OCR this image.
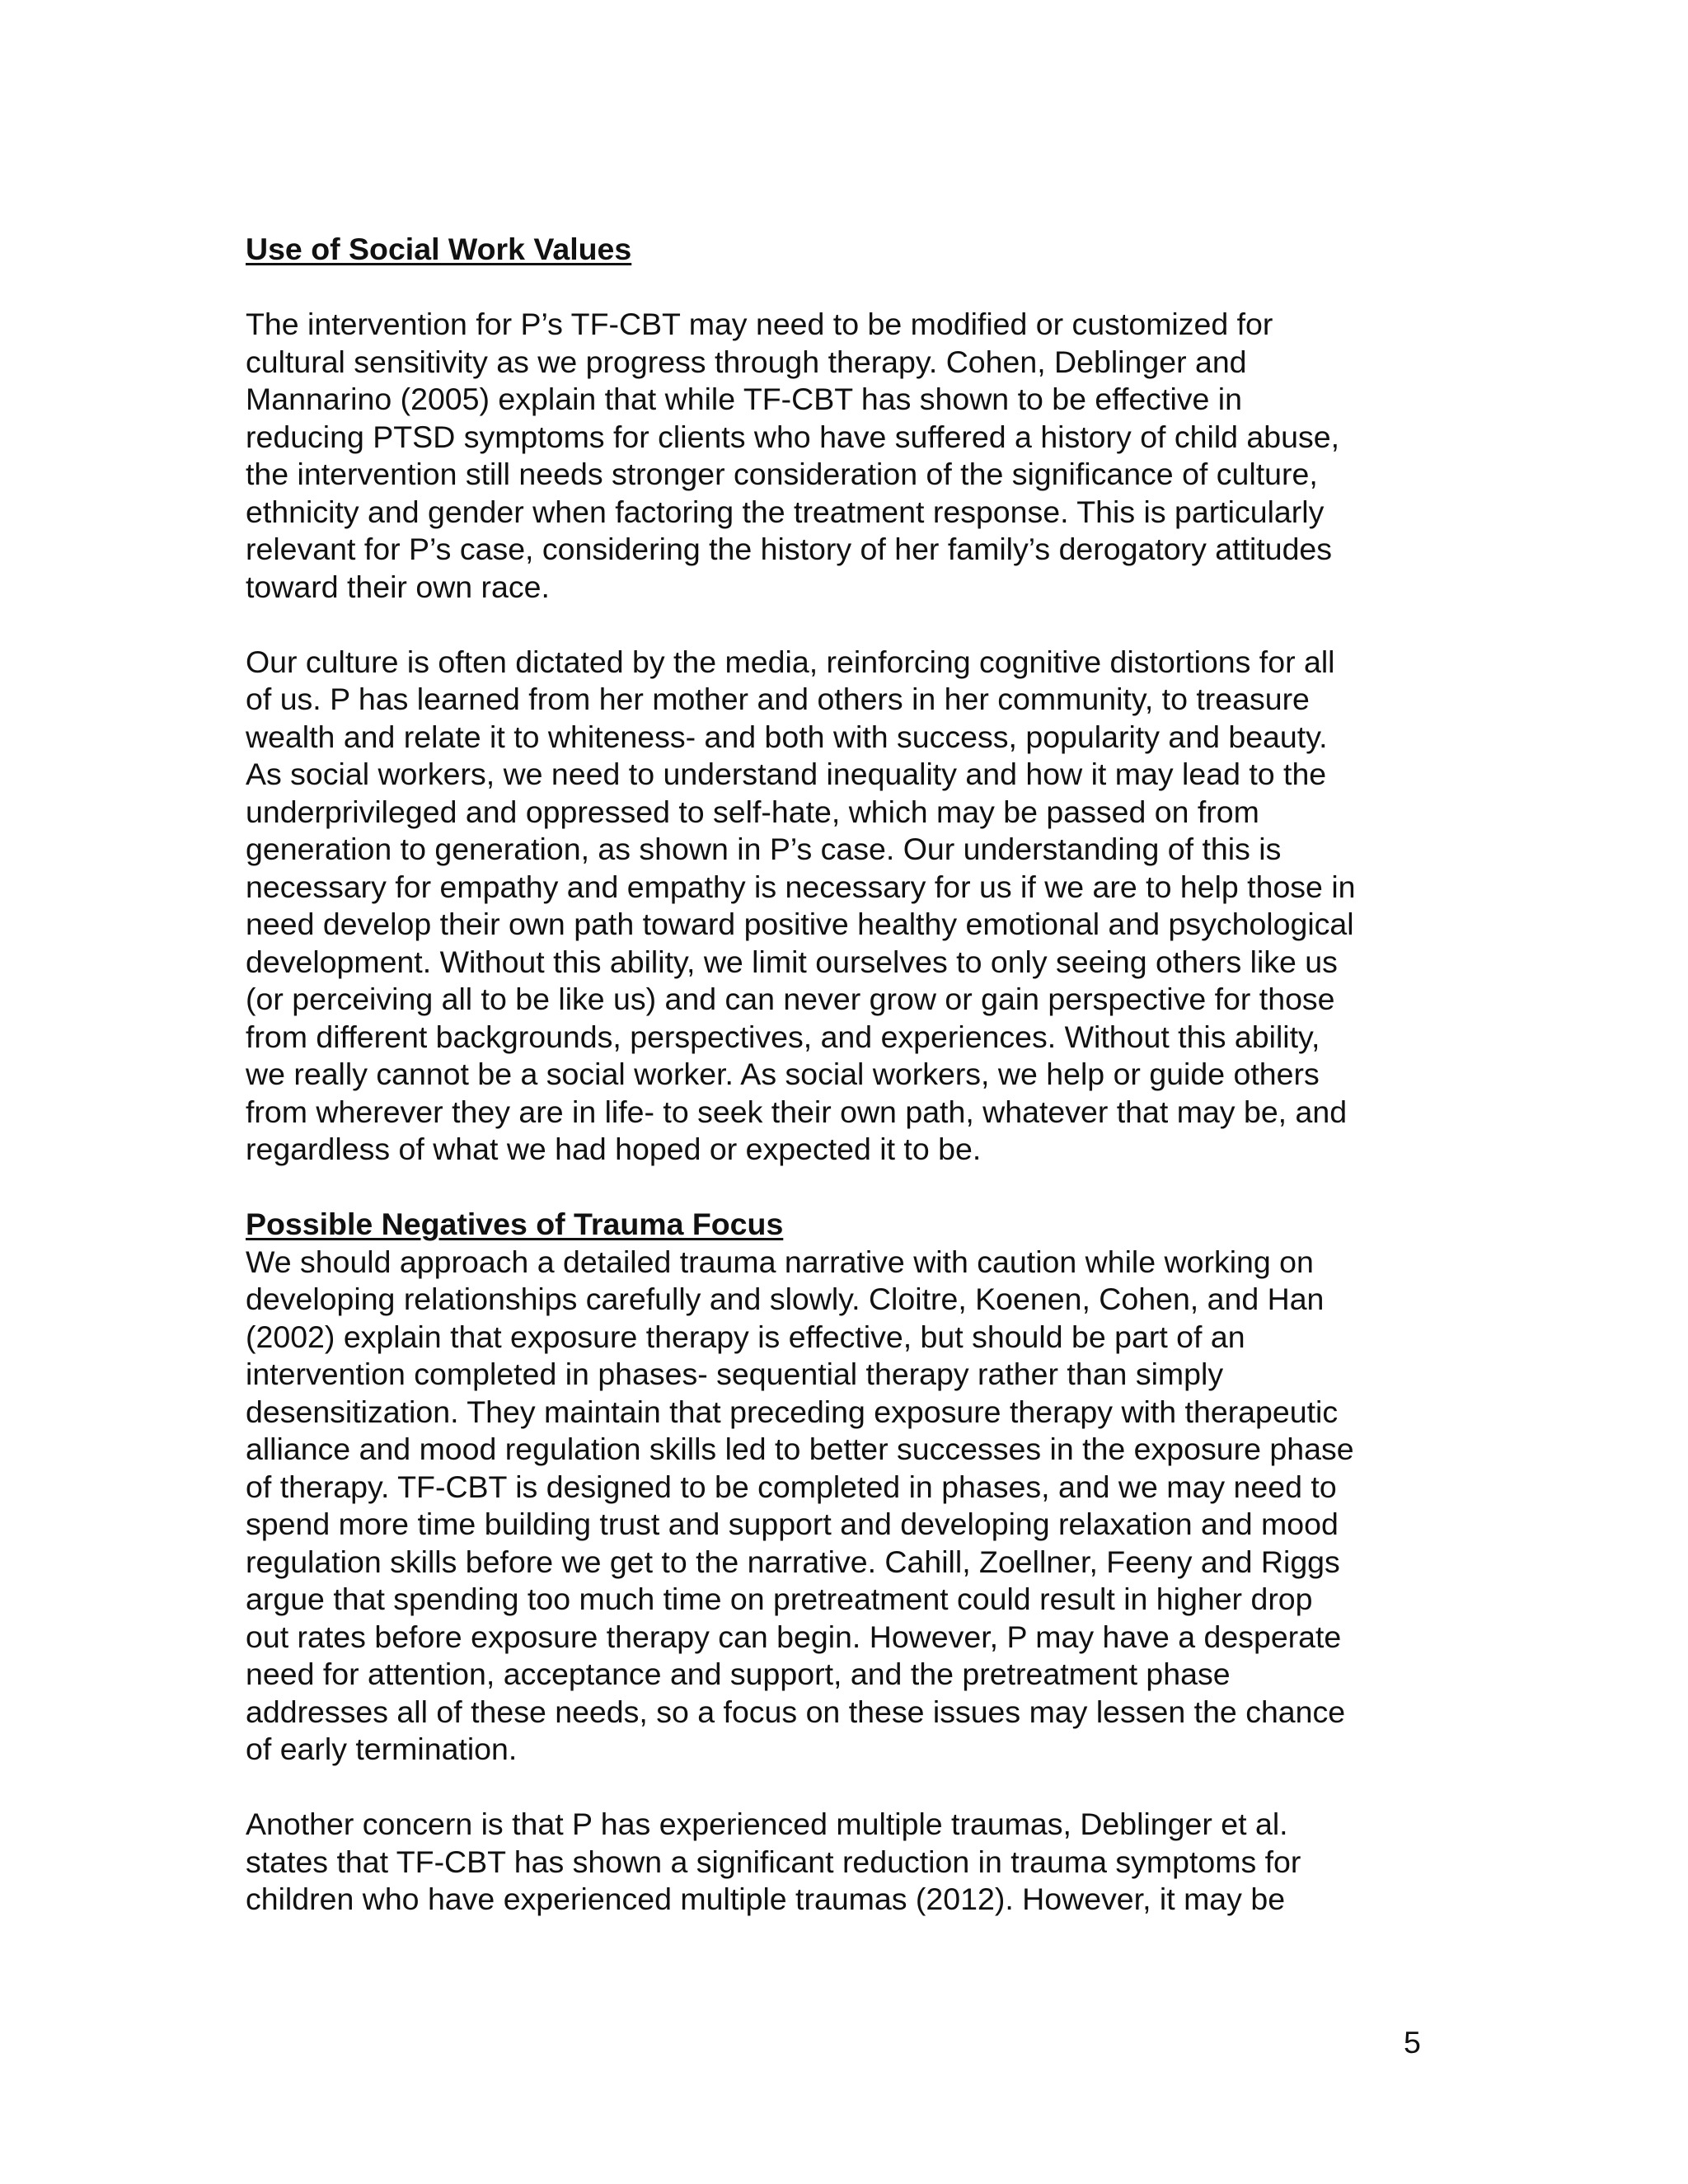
Use of Social Work Values

The intervention for P’s TF-CBT may need to be modified or customized for
cultural sensitivity as we progress through therapy. Cohen, Deblinger and
Mannarino (2005) explain that while TF-CBT has shown to be effective in
reducing PTSD symptoms for clients who have suffered a history of child abuse,
the intervention still needs stronger consideration of the significance of culture,
ethnicity and gender when factoring the treatment response. This is particularly
relevant for P’s case, considering the history of her family’s derogatory attitudes
toward their own race.
Our culture is often dictated by the media, reinforcing cognitive distortions for all
of us. P has learned from her mother and others in her community, to treasure
wealth and relate it to whiteness- and both with success, popularity and beauty.
As social workers, we need to understand inequality and how it may lead to the
underprivileged and oppressed to self-hate, which may be passed on from
generation to generation, as shown in P’s case. Our understanding of this is
necessary for empathy and empathy is necessary for us if we are to help those in
need develop their own path toward positive healthy emotional and psychological
development. Without this ability, we limit ourselves to only seeing others like us
(or perceiving all to be like us) and can never grow or gain perspective for those
from different backgrounds, perspectives, and experiences. Without this ability,
we really cannot be a social worker. As social workers, we help or guide others
from wherever they are in life- to seek their own path, whatever that may be, and
regardless of what we had hoped or expected it to be.

Possible Negatives of Trauma Focus

We should approach a detailed trauma narrative with caution while working on
developing relationships carefully and slowly. Cloitre, Koenen, Cohen, and Han
(2002) explain that exposure therapy is effective, but should be part of an
intervention completed in phases- sequential therapy rather than simply
desensitization. They maintain that preceding exposure therapy with therapeutic
alliance and mood regulation skills led to better successes in the exposure phase
of therapy. TF-CBT is designed to be completed in phases, and we may need to
spend more time building trust and support and developing relaxation and mood
regulation skills before we get to the narrative. Cahill, Zoellner, Feeny and Riggs
argue that spending too much time on pretreatment could result in higher drop
out rates before exposure therapy can begin. However, P may have a desperate
need for attention, acceptance and support, and the pretreatment phase
addresses all of these needs, so a focus on these issues may lessen the chance
of early termination.
Another concern is that P has experienced multiple traumas, Deblinger et al.
states that TF-CBT has shown a significant reduction in trauma symptoms for
children who have experienced multiple traumas (2012). However, it may be
5
